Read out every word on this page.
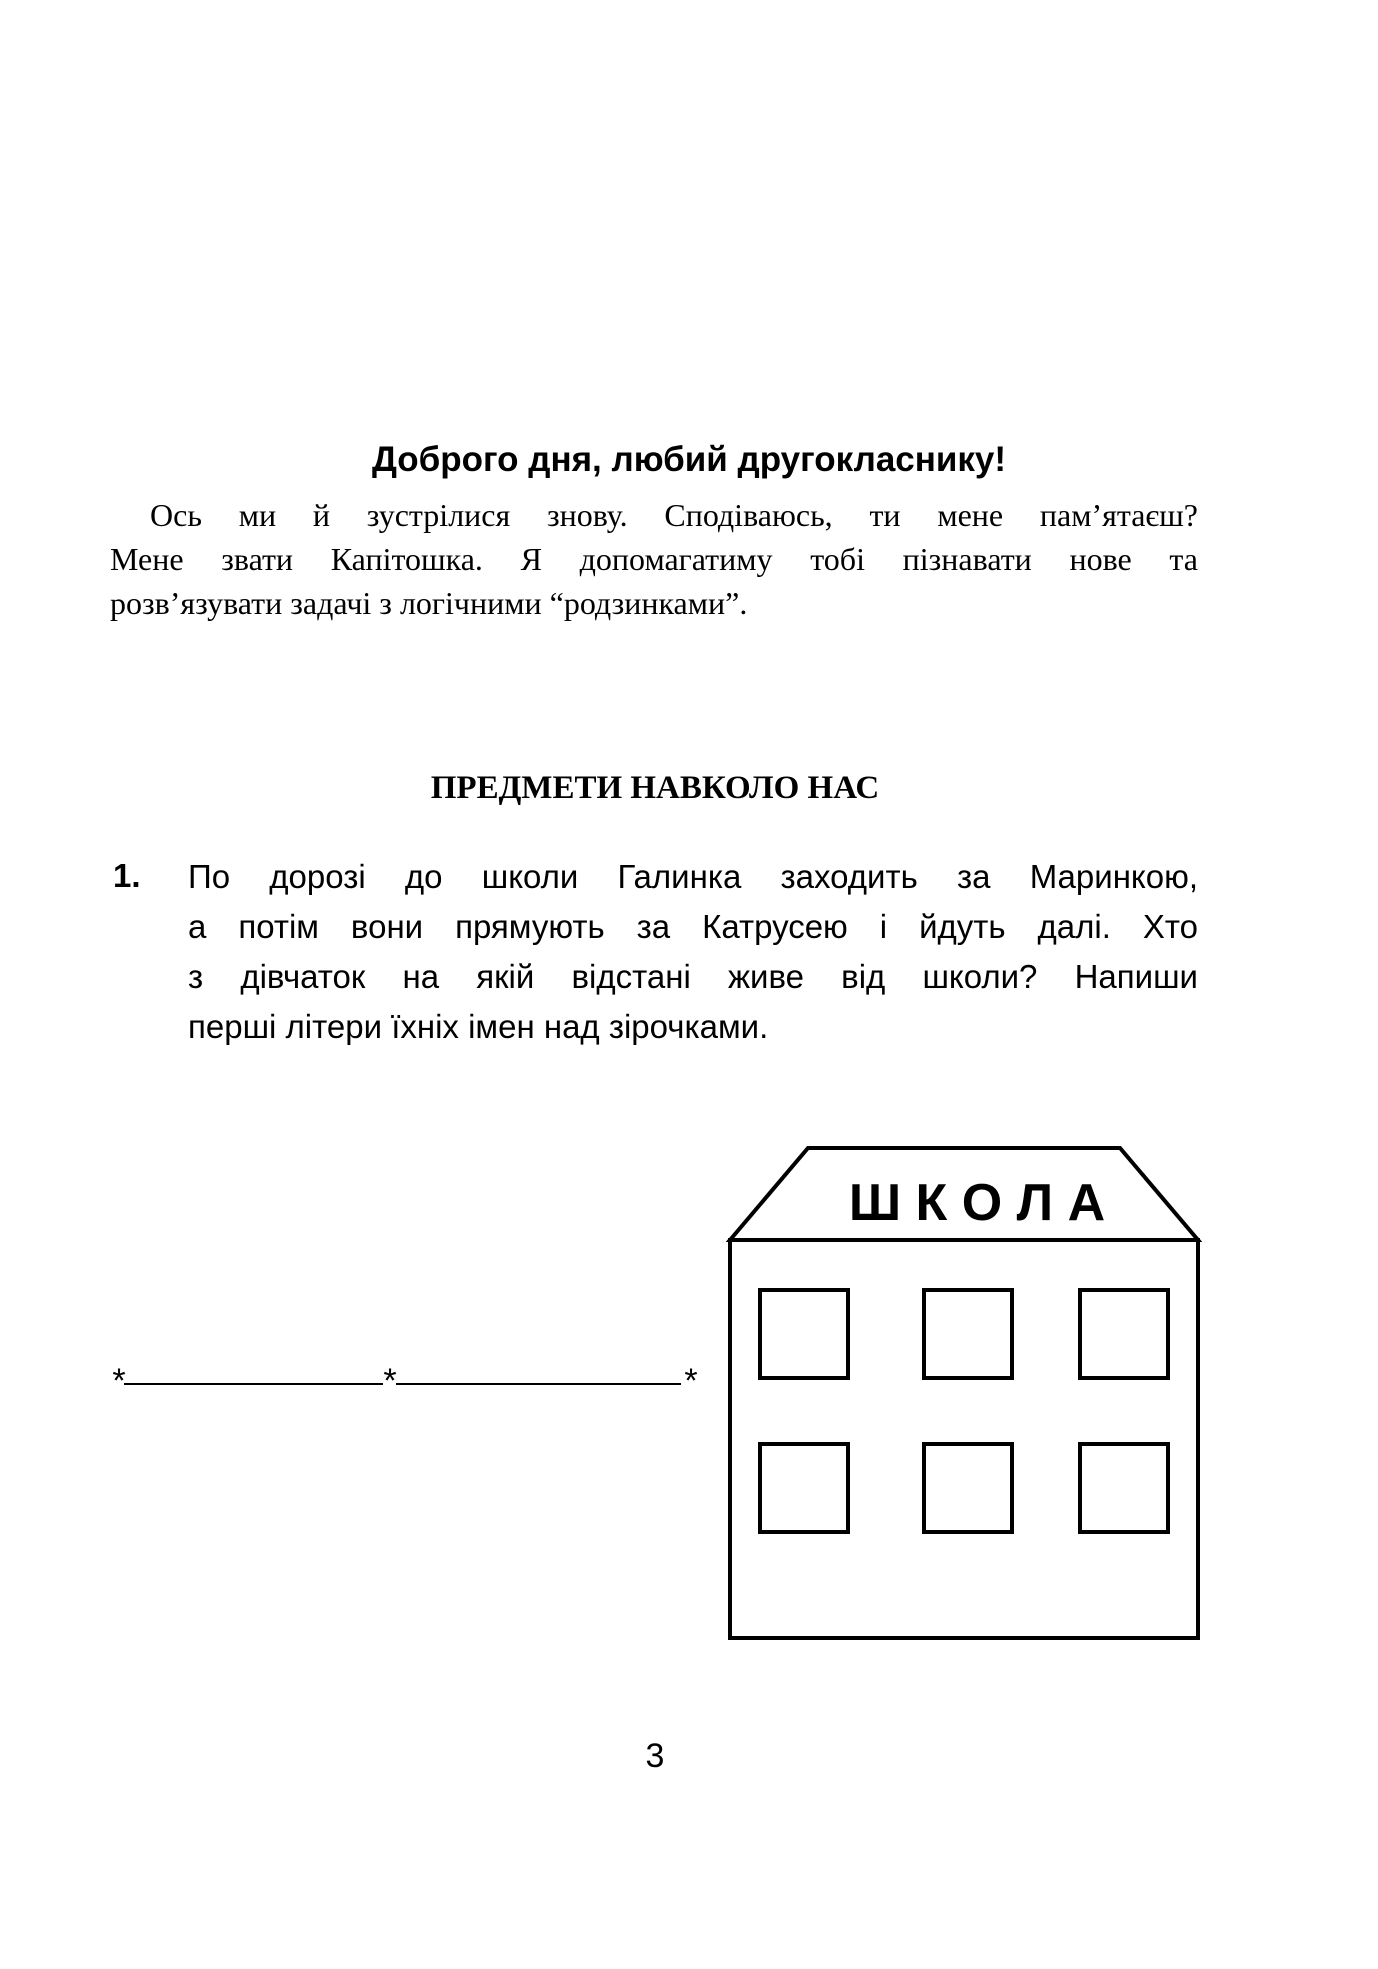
Доброго дня, любий другокласнику!

Ось ми й зустрілися знову. Сподіваюсь, ти мене пам’ятаєш?
Мене звати Капітошка. Я допомагатиму тобі пізнавати нове та
розв’язувати задачі з логічними “родзинками”.

ПРЕДМЕТИ НАВКОЛО НАС
1. По дорозі до школи Галинка заходить за Маринкою,
а потім вони прямують за Катрусею і йдуть далі. Хто
з дівчаток на якій відстані живе від школи? Напиши
перші літери їхніх імен над зірочками.

*	*	*
Ш К О Л А
3
